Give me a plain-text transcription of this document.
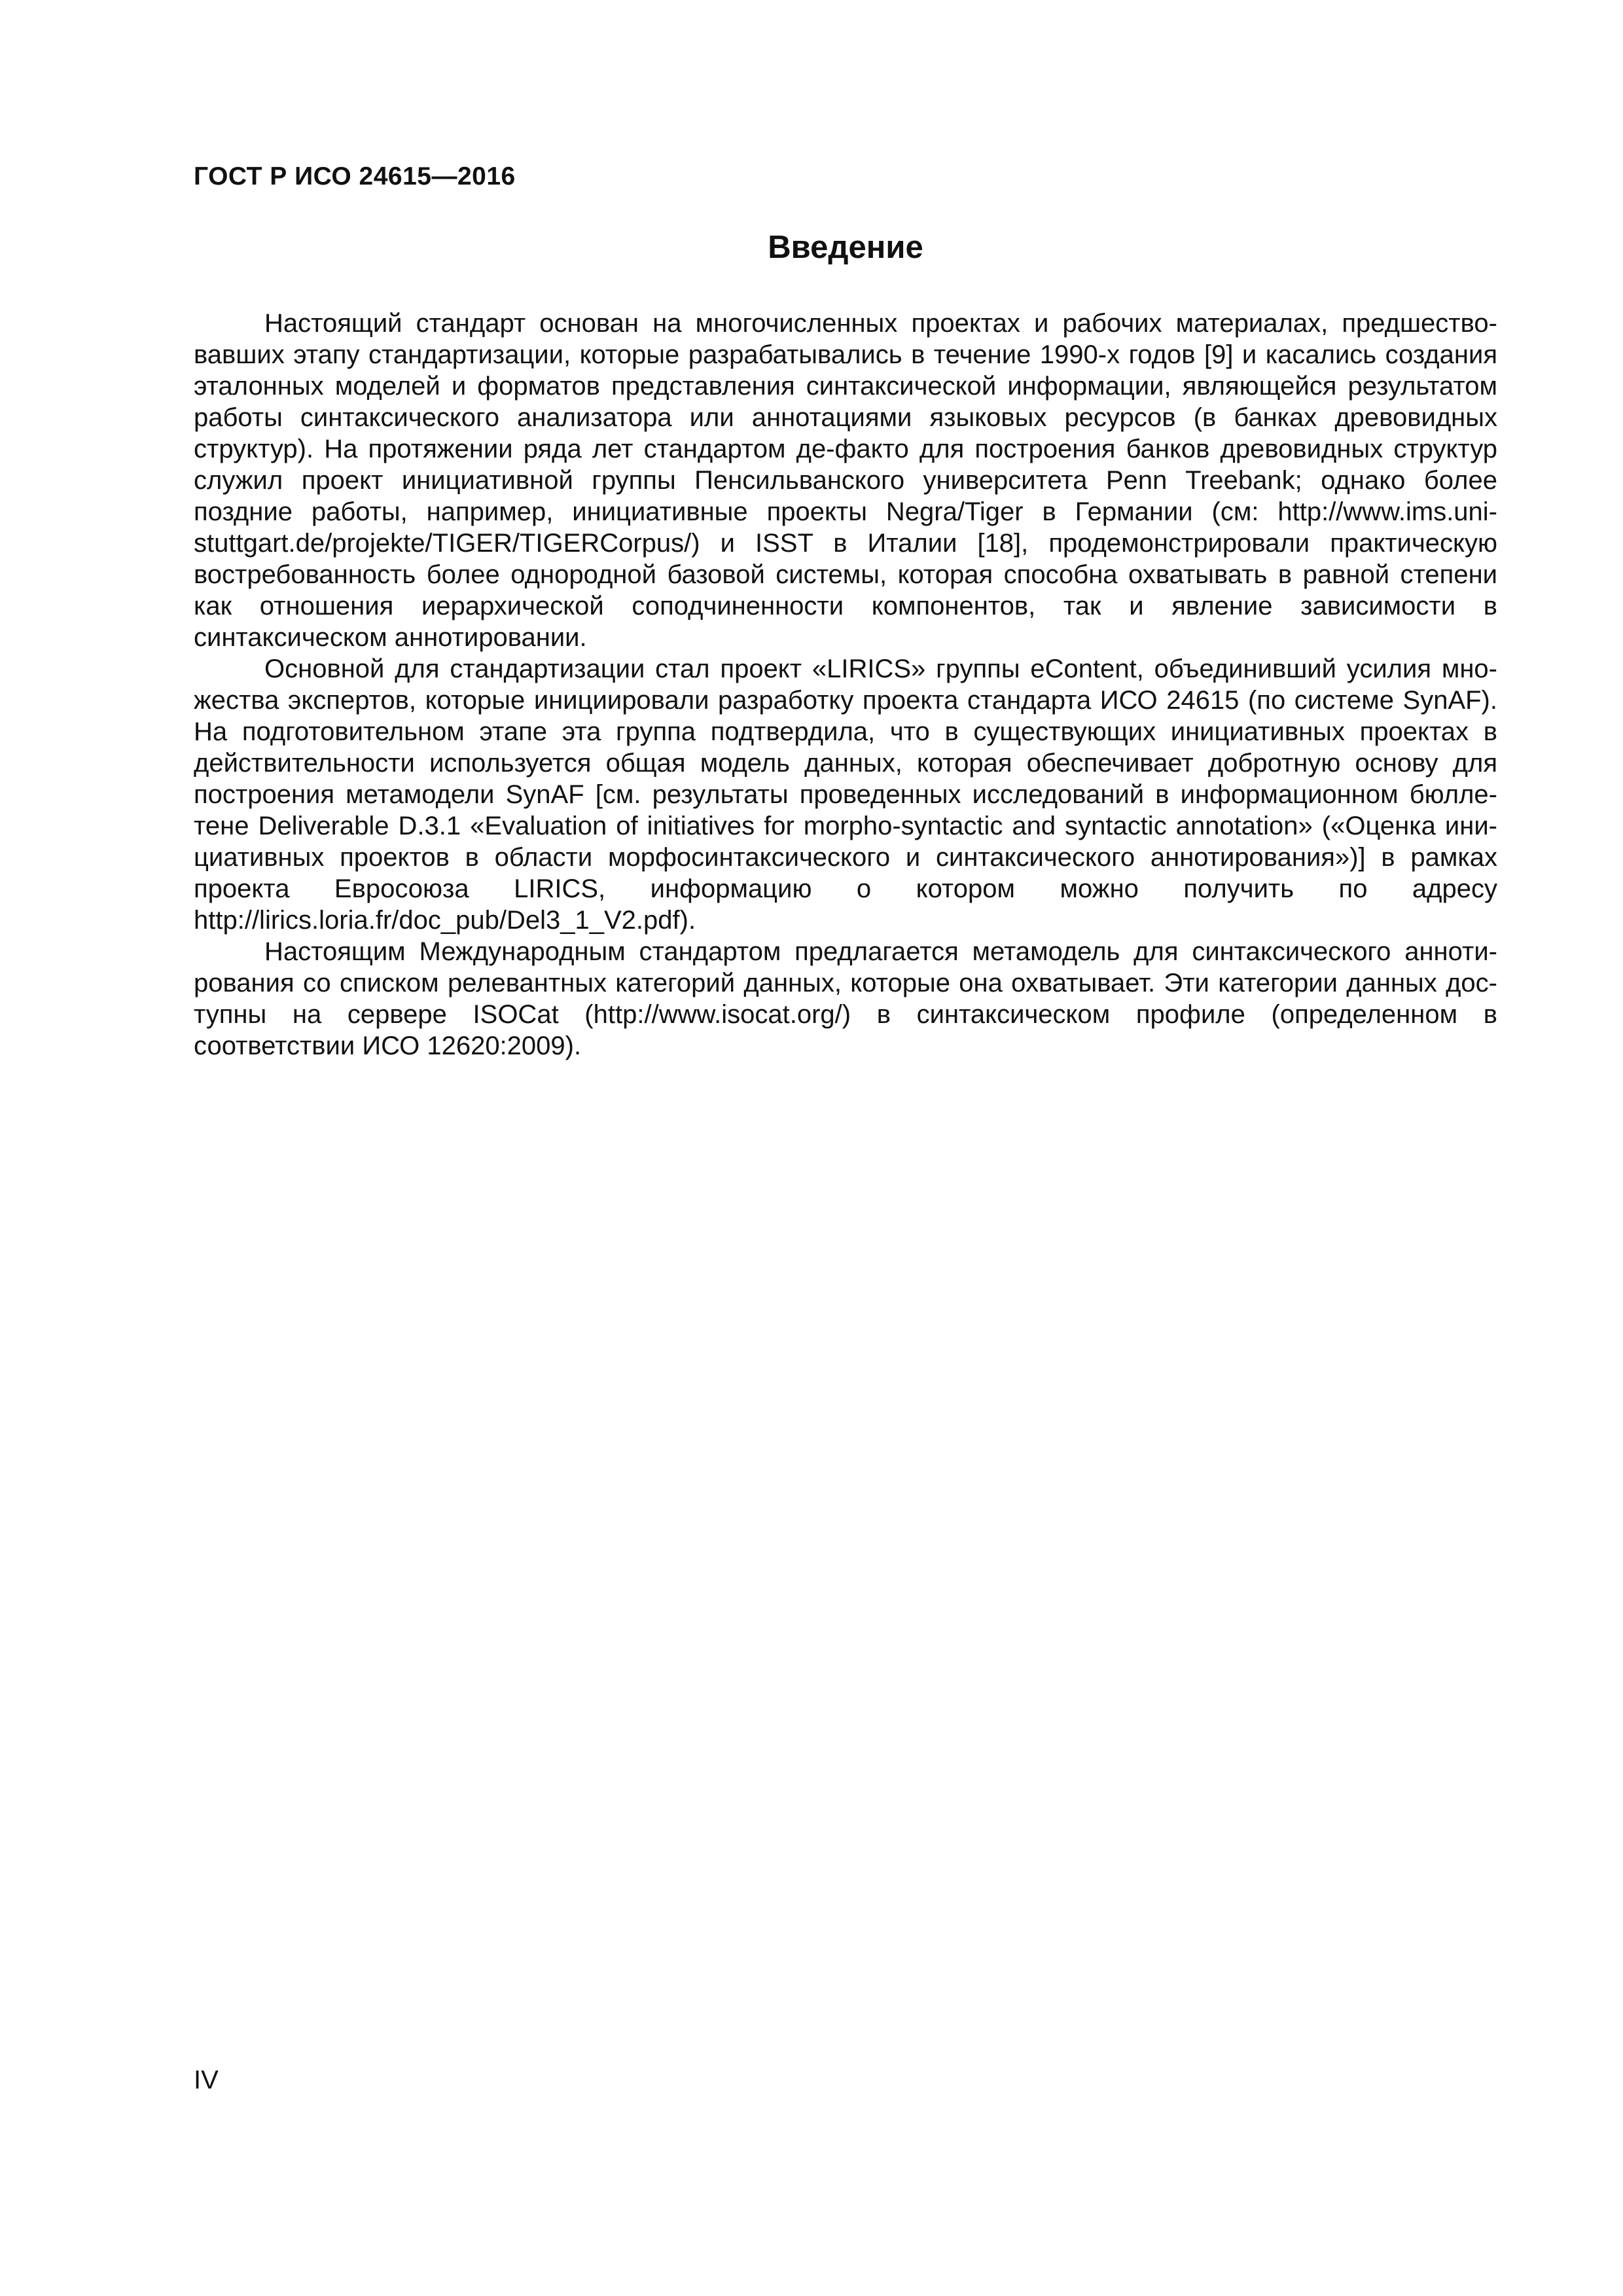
ГОСТ Р ИСО 24615—2016
Введение

Настоящий стандарт основан на многочисленных проектах и рабочих материалах, предшествовавших этапу стандартизации, которые разрабатывались в течение 1990-х годов [9] и касались создания эталонных моделей и форматов представления синтаксической информации, являющейся результатом работы синтаксического анализатора или аннотациями языковых ресурсов (в банках древовидных структур). На протяжении ряда лет стандартом де-факто для построения банков древовидных структур служил проект инициативной группы Пенсильванского университета Penn Treebank; однако более поздние работы, например, инициативные проекты Negra/Tiger в Германии (см: http://www.ims.uni-stuttgart.de/projekte/TIGER/TIGERCorpus/) и ISST в Италии [18], продемонстрировали практическую востребованность более однородной базовой системы, которая способна охватывать в равной степени как отношения иерархической соподчиненности компонентов, так и явление зависимости в синтаксическом аннотировании.

Основной для стандартизации стал проект «LIRICS» группы eContent, объединивший усилия множества экспертов, которые инициировали разработку проекта стандарта ИСО 24615 (по системе SynAF). На подготовительном этапе эта группа подтвердила, что в существующих инициативных проектах в действительности используется общая модель данных, которая обеспечивает добротную основу для построения метамодели SynAF [см. результаты проведенных исследований в информационном бюллетене Deliverable D.3.1 «Evaluation of initiatives for morpho-syntactic and syntactic annotation» («Оценка инициативных проектов в области морфосинтаксического и синтаксического аннотирования»)] в рамках проекта Евросоюза LIRICS, информацию о котором можно получить по адресу http://lirics.loria.fr/doc_pub/Del3_1_V2.pdf).

Настоящим Международным стандартом предлагается метамодель для синтаксического аннотирования со списком релевантных категорий данных, которые она охватывает. Эти категории данных доступны на сервере ISOCat (http://www.isocat.org/) в синтаксическом профиле (определенном в соответствии ИСО 12620:2009).

IV
